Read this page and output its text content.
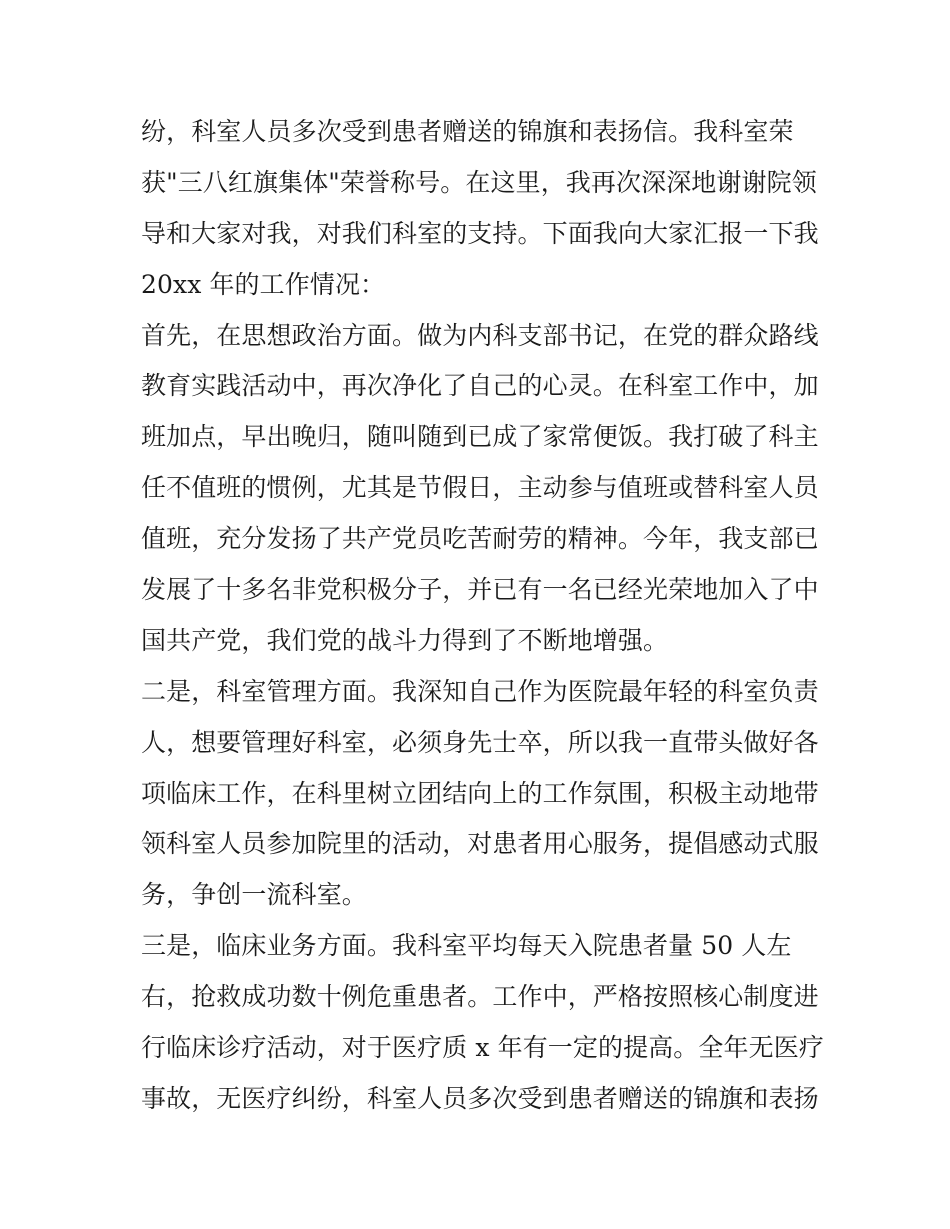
纷，科室人员多次受到患者赠送的锦旗和表扬信。我科室荣
获"三八红旗集体"荣誉称号。在这里，我再次深深地谢谢院领
导和大家对我，对我们科室的支持。下面我向大家汇报一下我
20xx 年的工作情况：
首先，在思想政治方面。做为内科支部书记，在党的群众路线
教育实践活动中，再次净化了自己的心灵。在科室工作中，加
班加点，早出晚归，随叫随到已成了家常便饭。我打破了科主
任不值班的惯例，尤其是节假日，主动参与值班或替科室人员
值班，充分发扬了共产党员吃苦耐劳的精神。今年，我支部已
发展了十多名非党积极分子，并已有一名已经光荣地加入了中
国共产党，我们党的战斗力得到了不断地增强。
二是，科室管理方面。我深知自己作为医院最年轻的科室负责
人，想要管理好科室，必须身先士卒，所以我一直带头做好各
项临床工作，在科里树立团结向上的工作氛围，积极主动地带
领科室人员参加院里的活动，对患者用心服务，提倡感动式服
务，争创一流科室。
三是，临床业务方面。我科室平均每天入院患者量 50 人左
右，抢救成功数十例危重患者。工作中，严格按照核心制度进
行临床诊疗活动，对于医疗质 x 年有一定的提高。全年无医疗
事故，无医疗纠纷，科室人员多次受到患者赠送的锦旗和表扬
